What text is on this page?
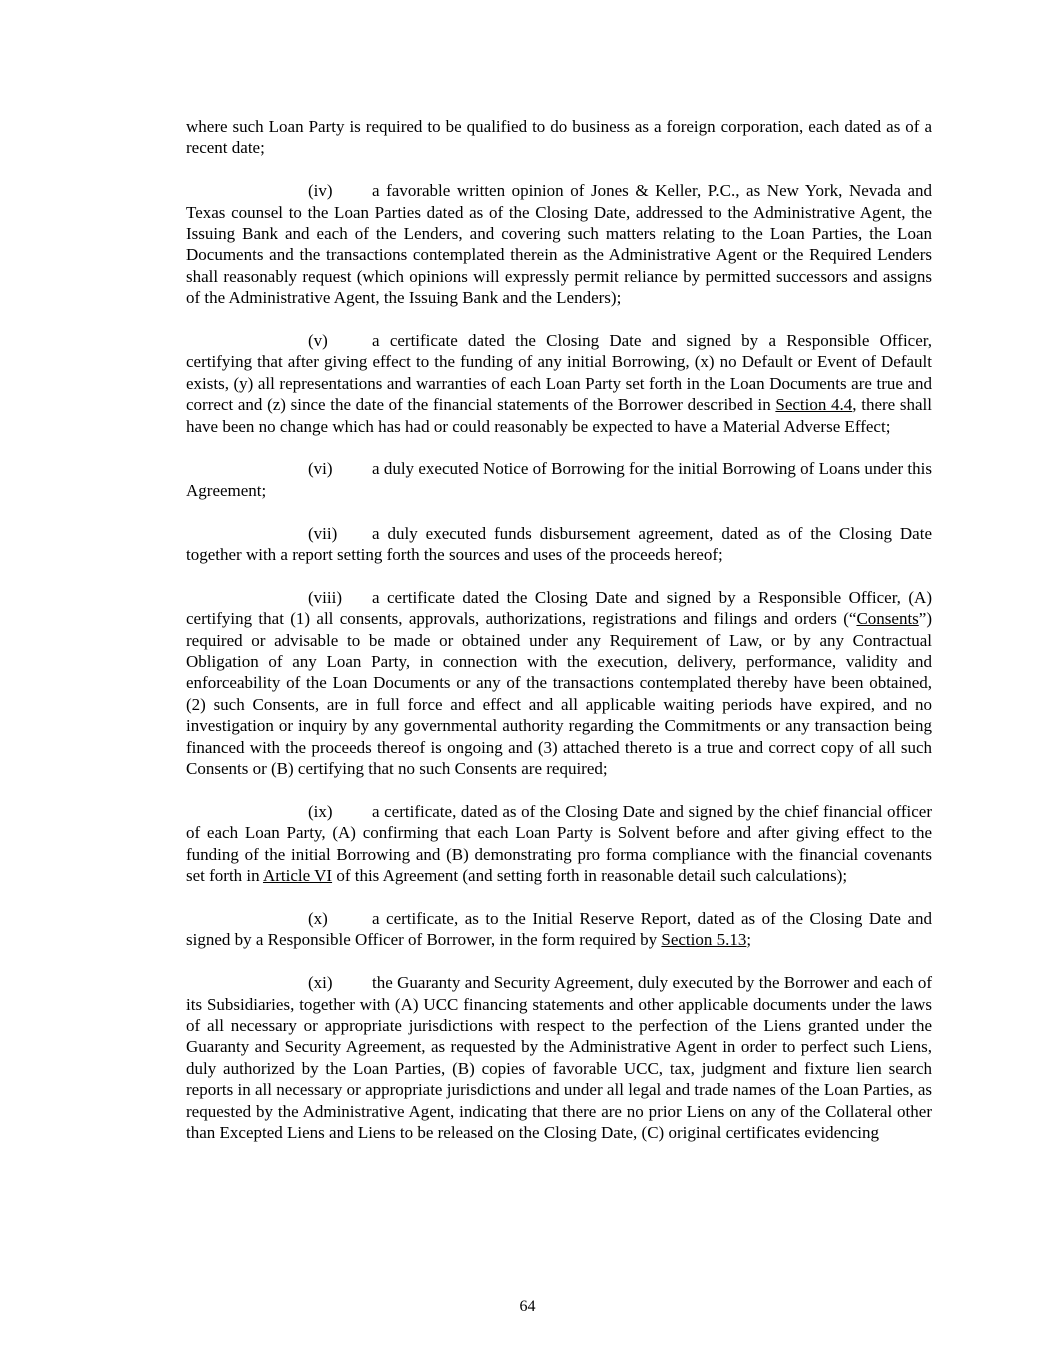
where such Loan Party is required to be qualified to do business as a foreign corporation, each dated as of a recent date;

(iv) a favorable written opinion of Jones & Keller, P.C., as New York, Nevada and Texas counsel to the Loan Parties dated as of the Closing Date, addressed to the Administrative Agent, the Issuing Bank and each of the Lenders, and covering such matters relating to the Loan Parties, the Loan Documents and the transactions contemplated therein as the Administrative Agent or the Required Lenders shall reasonably request (which opinions will expressly permit reliance by permitted successors and assigns of the Administrative Agent, the Issuing Bank and the Lenders);

(v)	a certificate dated the Closing Date and signed by a Responsible Officer, certifying that after giving effect to the funding of any initial Borrowing, (x) no Default or Event of Default exists, (y) all representations and warranties of each Loan Party set forth in the Loan Documents are true and correct and (z) since the date of the financial statements of the Borrower described in Section 4.4, there shall have been no change which has had or could reasonably be expected to have a Material Adverse Effect;

(vi) a duly executed Notice of Borrowing for the initial Borrowing of Loans under this Agreement;

(vii) a duly executed funds disbursement agreement, dated as of the Closing Date together with a report setting forth the sources and uses of the proceeds hereof;

(viii) a certificate dated the Closing Date and signed by a Responsible Officer, (A) certifying that (1) all consents, approvals, authorizations, registrations and filings and orders (“Consents”) required or advisable to be made or obtained under any Requirement of Law, or by any Contractual Obligation of any Loan Party, in connection with the execution, delivery, performance, validity and enforceability of the Loan Documents or any of the transactions contemplated thereby have been obtained, (2) such Consents, are in full force and effect and all applicable waiting periods have expired, and no investigation or inquiry by any governmental authority regarding the Commitments or any transaction being financed with the proceeds thereof is ongoing and (3) attached thereto is a true and correct copy of all such Consents or (B) certifying that no such Consents are required;

(ix) a certificate, dated as of the Closing Date and signed by the chief financial officer of each Loan Party, (A) confirming that each Loan Party is Solvent before and after giving effect to the funding of the initial Borrowing and (B) demonstrating pro forma compliance with the financial covenants set forth in Article VI of this Agreement (and setting forth in reasonable detail such calculations);

(x)	a certificate, as to the Initial Reserve Report, dated as of the Closing Date and signed by a Responsible Officer of Borrower, in the form required by Section 5.13;

(xi) the Guaranty and Security Agreement, duly executed by the Borrower and each of its Subsidiaries, together with (A) UCC financing statements and other applicable documents under the laws of all necessary or appropriate jurisdictions with respect to the perfection of the Liens granted under the Guaranty and Security Agreement, as requested by the Administrative Agent in order to perfect such Liens, duly authorized by the Loan Parties, (B) copies of favorable UCC, tax, judgment and fixture lien search reports in all necessary or appropriate jurisdictions and under all legal and trade names of the Loan Parties, as requested by the Administrative Agent, indicating that there are no prior Liens on any of the Collateral other than Excepted Liens and Liens to be released on the Closing Date, (C) original certificates evidencing

64
